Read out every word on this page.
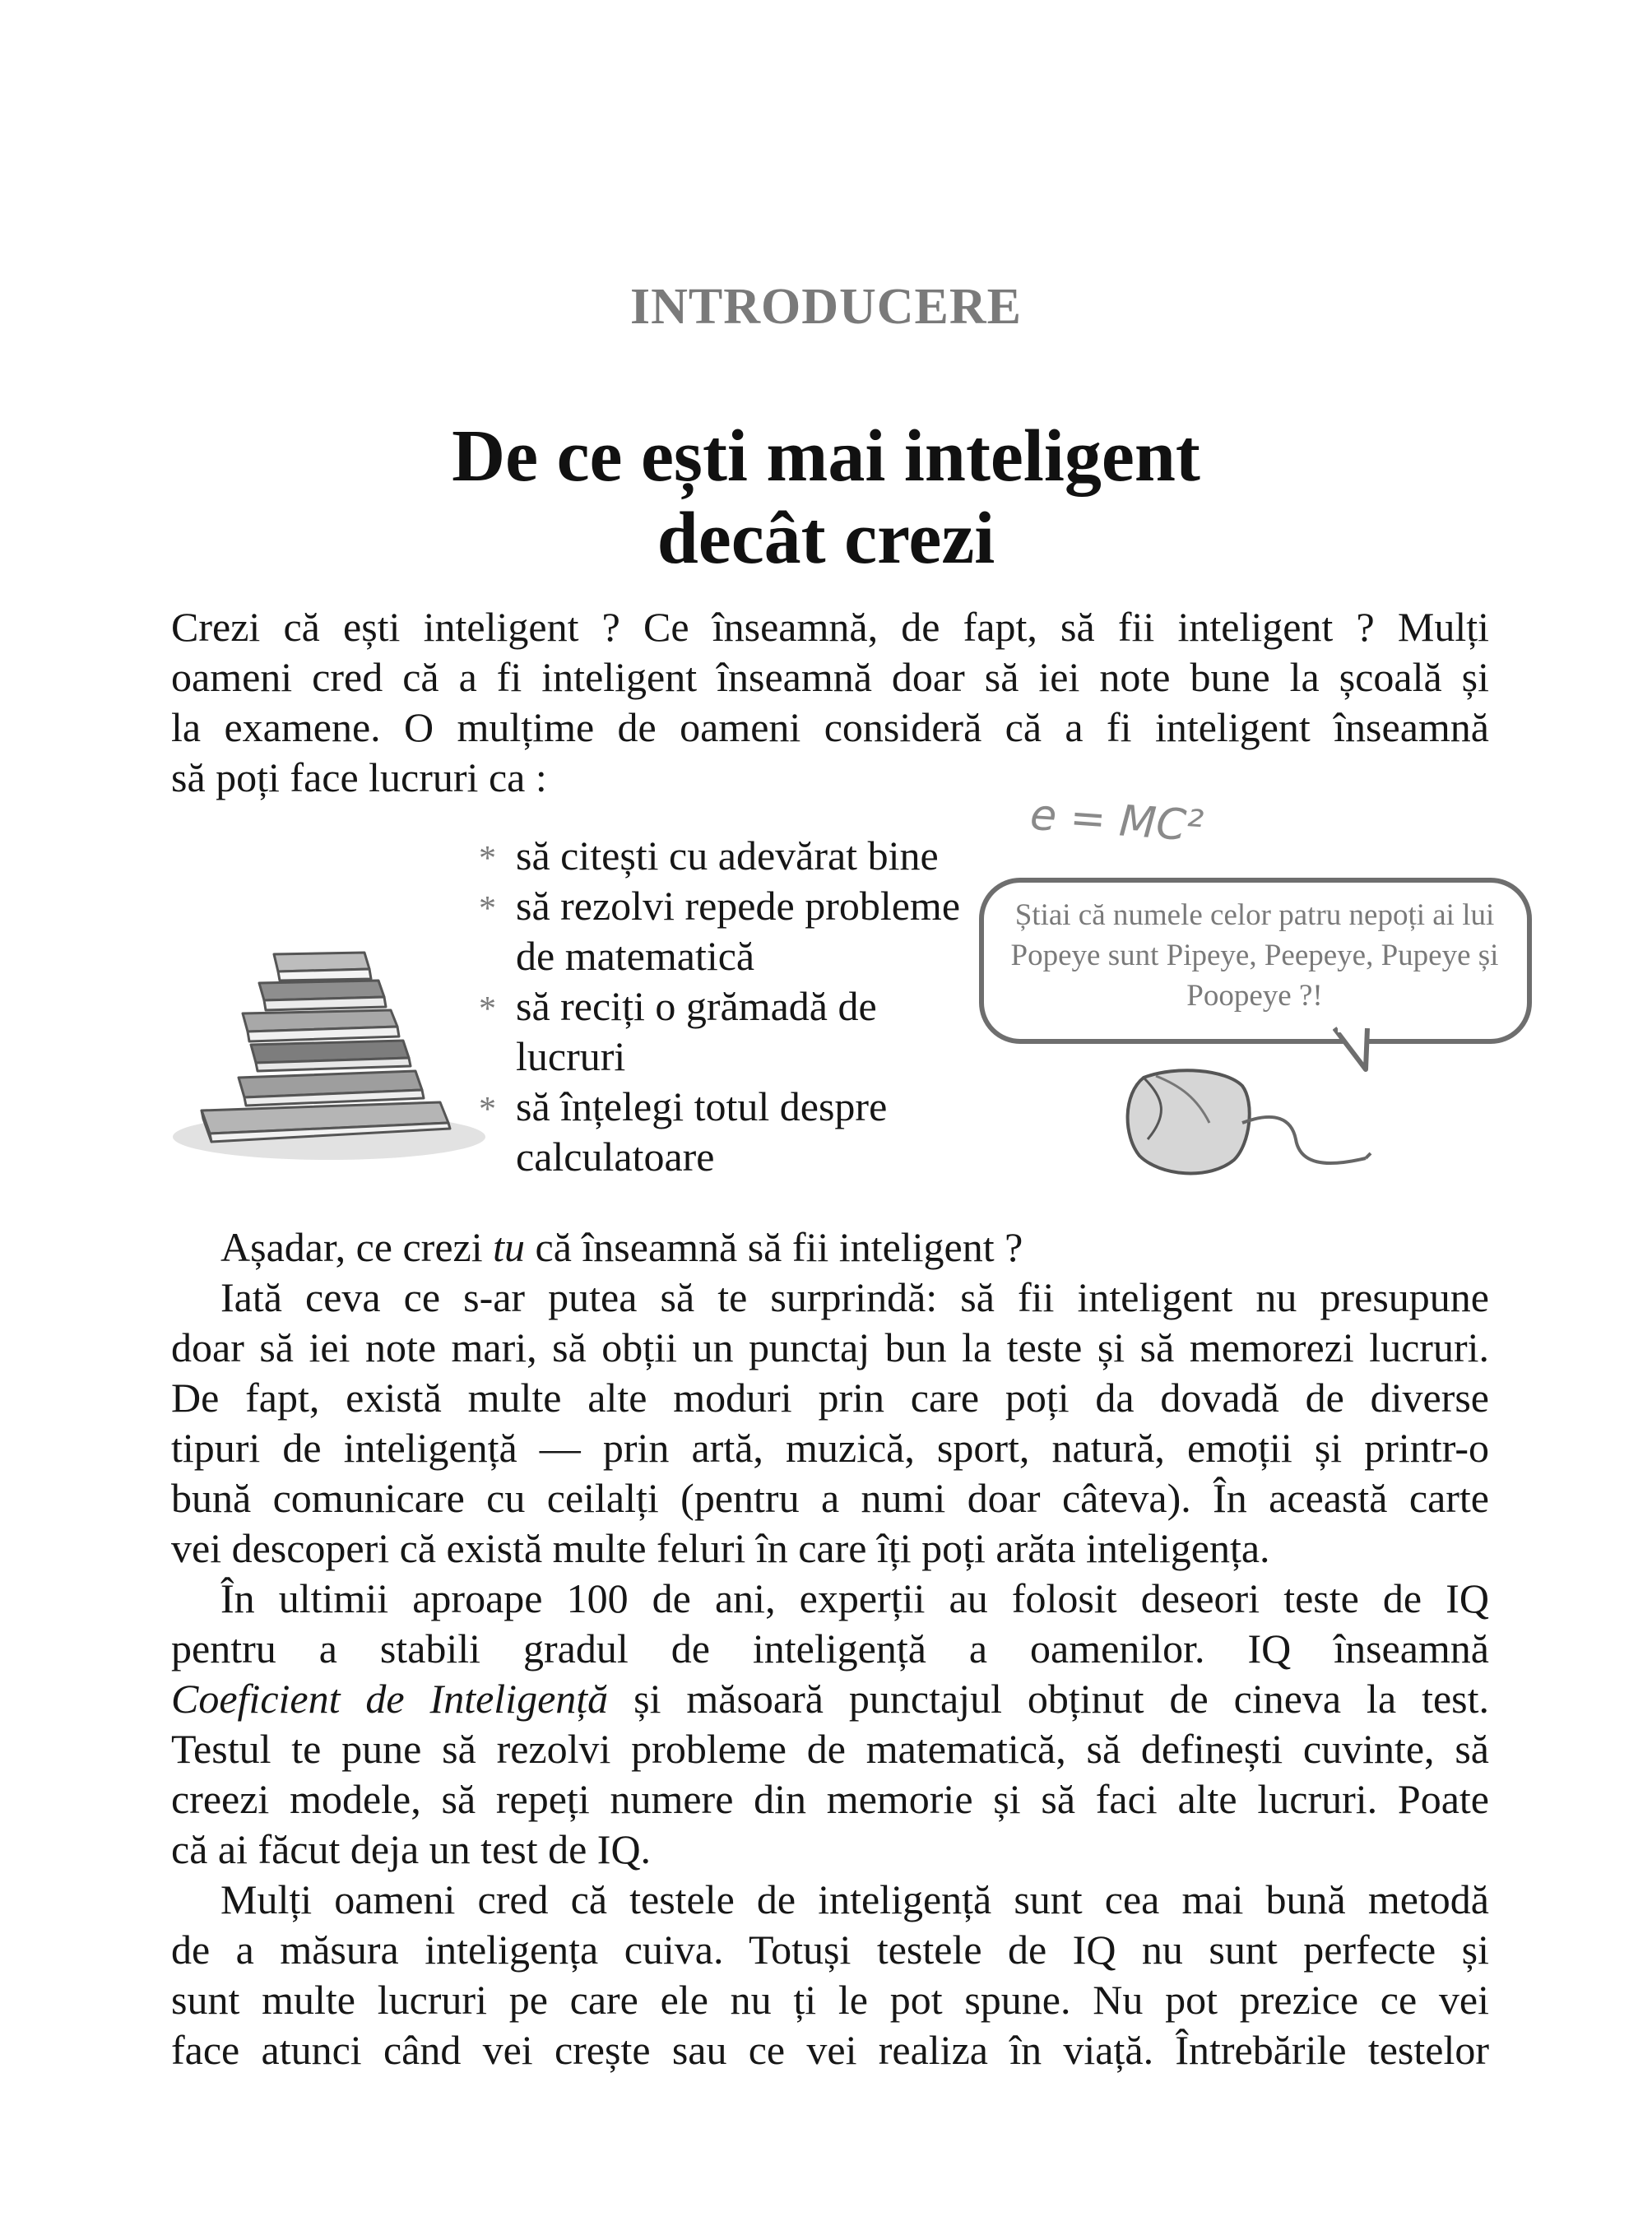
INTRODUCERE
De ce ești mai inteligent
decât crezi
Crezi că ești inteligent ? Ce înseamnă, de fapt, să fii inteligent ? Mulți
oameni cred că a fi inteligent înseamnă doar să iei note bune la școală și
la examene. O mulțime de oameni consideră că a fi inteligent înseamnă
să poți face lucruri ca :
* să citești cu adevărat bine
* să rezolvi repede probleme de matematică
* să reciți o grămadă de lucruri
* să înțelegi totul despre calculatoare
e = MC²
Știai că numele celor patru nepoți ai lui Popeye sunt Pipeye, Peepeye, Pupeye și Poopeye ?!
Așadar, ce crezi tu că înseamnă să fii inteligent ?
Iată ceva ce s-ar putea să te surprindă: să fii inteligent nu presupune
doar să iei note mari, să obții un punctaj bun la teste și să memorezi lucruri.
De fapt, există multe alte moduri prin care poți da dovadă de diverse
tipuri de inteligență — prin artă, muzică, sport, natură, emoții și printr-o
bună comunicare cu ceilalți (pentru a numi doar câteva). În această carte
vei descoperi că există multe feluri în care îți poți arăta inteligența.
În ultimii aproape 100 de ani, experții au folosit deseori teste de IQ
pentru a stabili gradul de inteligență a oamenilor. IQ înseamnă
Coeficient de Inteligență și măsoară punctajul obținut de cineva la test.
Testul te pune să rezolvi probleme de matematică, să definești cuvinte, să
creezi modele, să repeți numere din memorie și să faci alte lucruri. Poate
că ai făcut deja un test de IQ.
Mulți oameni cred că testele de inteligență sunt cea mai bună metodă
de a măsura inteligența cuiva. Totuși testele de IQ nu sunt perfecte și
sunt multe lucruri pe care ele nu ți le pot spune. Nu pot prezice ce vei
face atunci când vei crește sau ce vei realiza în viață. Întrebările testelor
